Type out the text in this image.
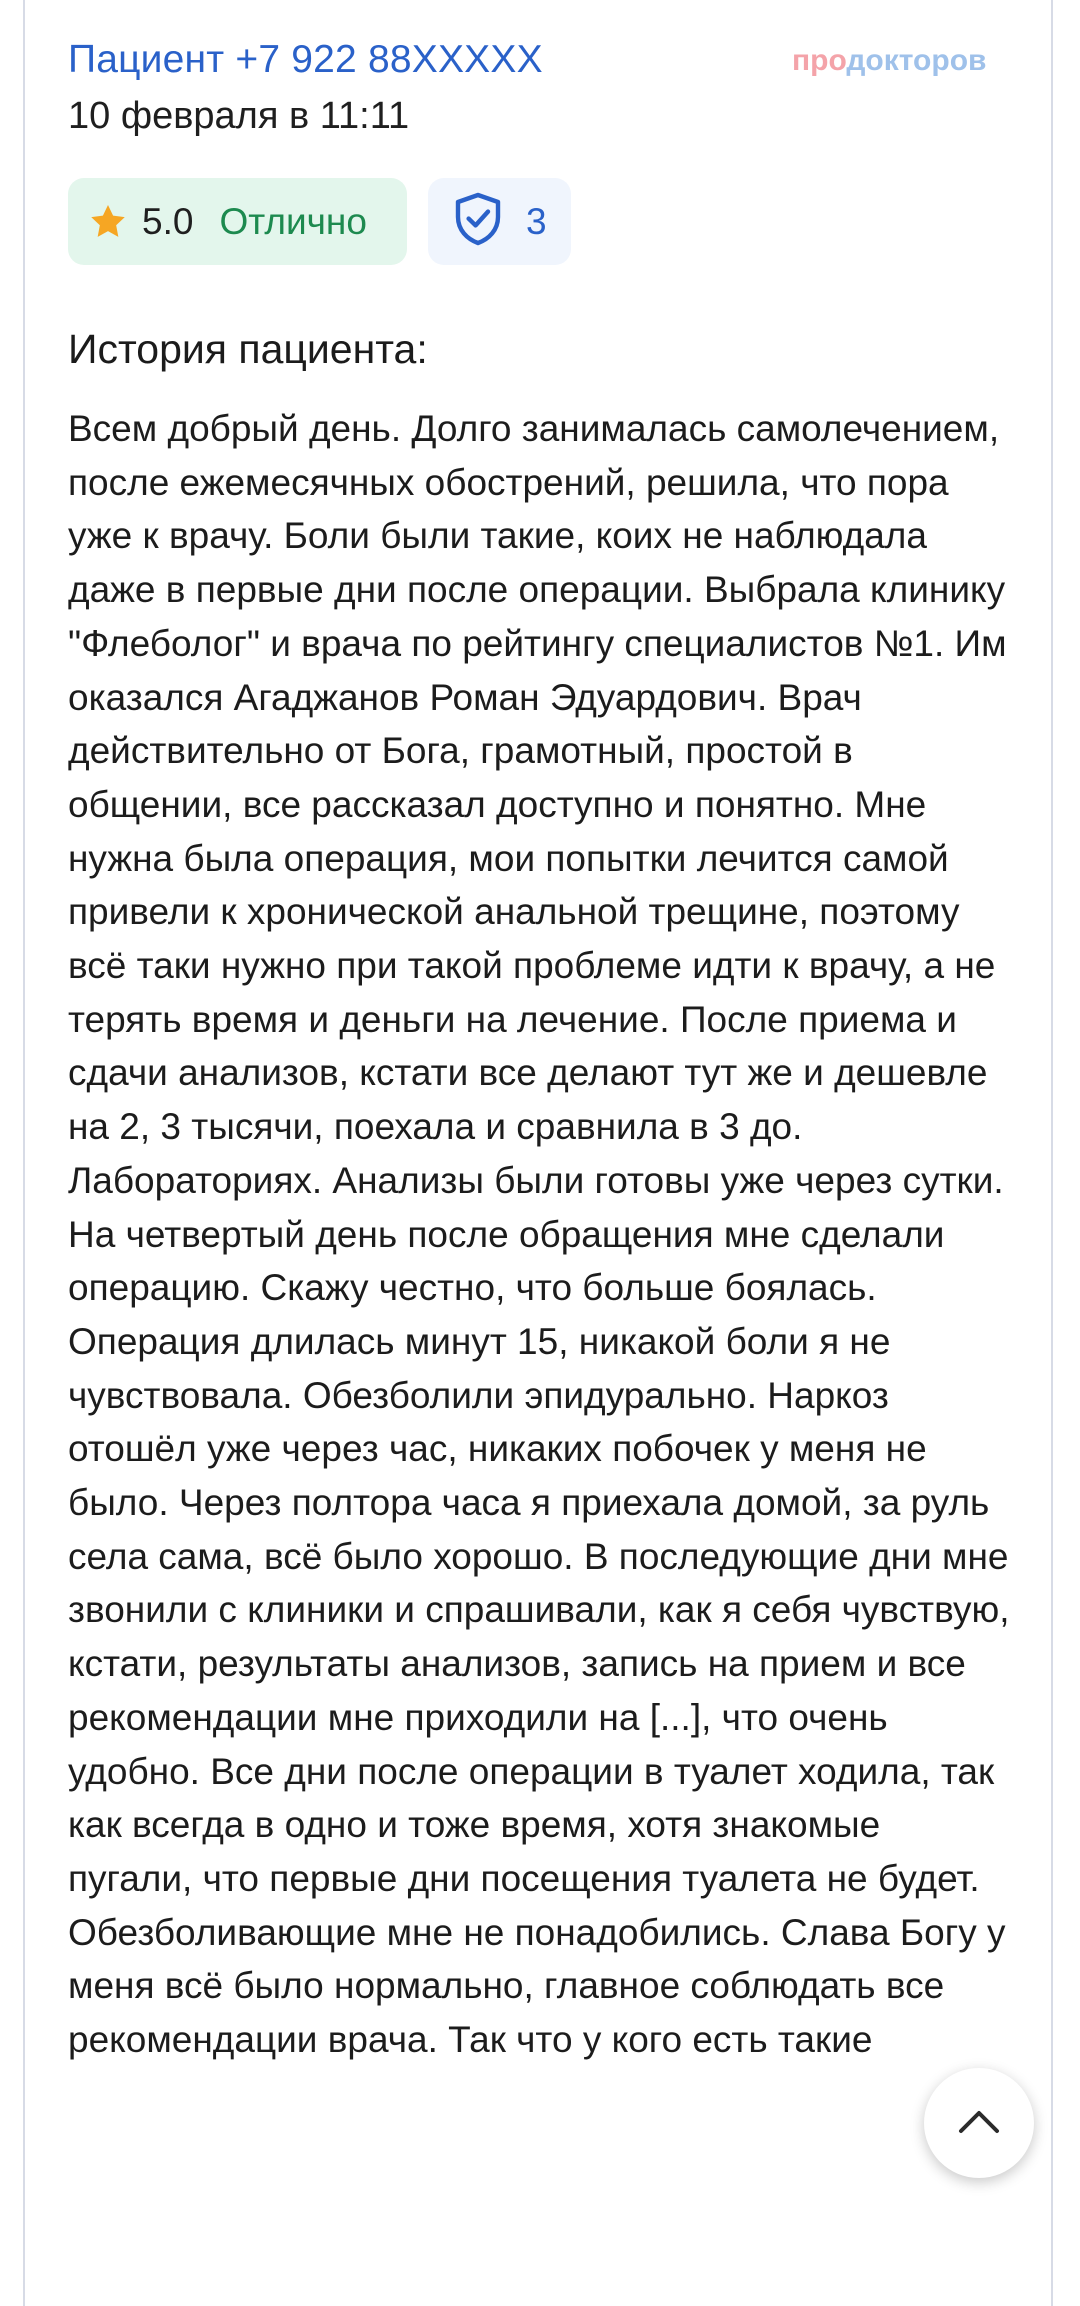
Пациент +7 922 88XXXXX
10 февраля в 11:11
продокторов
5.0 Отлично	3
История пациента:

Всем добрый день. Долго занималась самолечением, после ежемесячных обострений, решила, что пора уже к врачу. Боли были такие, коих не наблюдала даже в первые дни после операции. Выбрала клинику "Флеболог" и врача по рейтингу специалистов №1. Им оказался Агаджанов Роман Эдуардович. Врач действительно от Бога, грамотный, простой в общении, все рассказал доступно и понятно. Мне нужна была операция, мои попытки лечится самой привели к хронической анальной трещине, поэтому всё таки нужно при такой проблеме идти к врачу, а не терять время и деньги на лечение. После приема и сдачи анализов, кстати все делают тут же и дешевле на 2, 3 тысячи, поехала и сравнила в 3 до. Лабораториях. Анализы были готовы уже через сутки. На четвертый день после обращения мне сделали операцию. Скажу честно, что больше боялась. Операция длилась минут 15, никакой боли я не чувствовала. Обезболили эпидурально. Наркоз отошёл уже через час, никаких побочек у меня не было. Через полтора часа я приехала домой, за руль села сама, всё было хорошо. В последующие дни мне звонили с клиники и спрашивали, как я себя чувствую, кстати, результаты анализов, запись на прием и все рекомендации мне приходили на [...], что очень удобно. Все дни после операции в туалет ходила, так как всегда в одно и тоже время, хотя знакомые пугали, что первые дни посещения туалета не будет. Обезболивающие мне не понадобились. Слава Богу у меня всё было нормально, главное соблюдать все рекомендации врача. Так что у кого есть такие
